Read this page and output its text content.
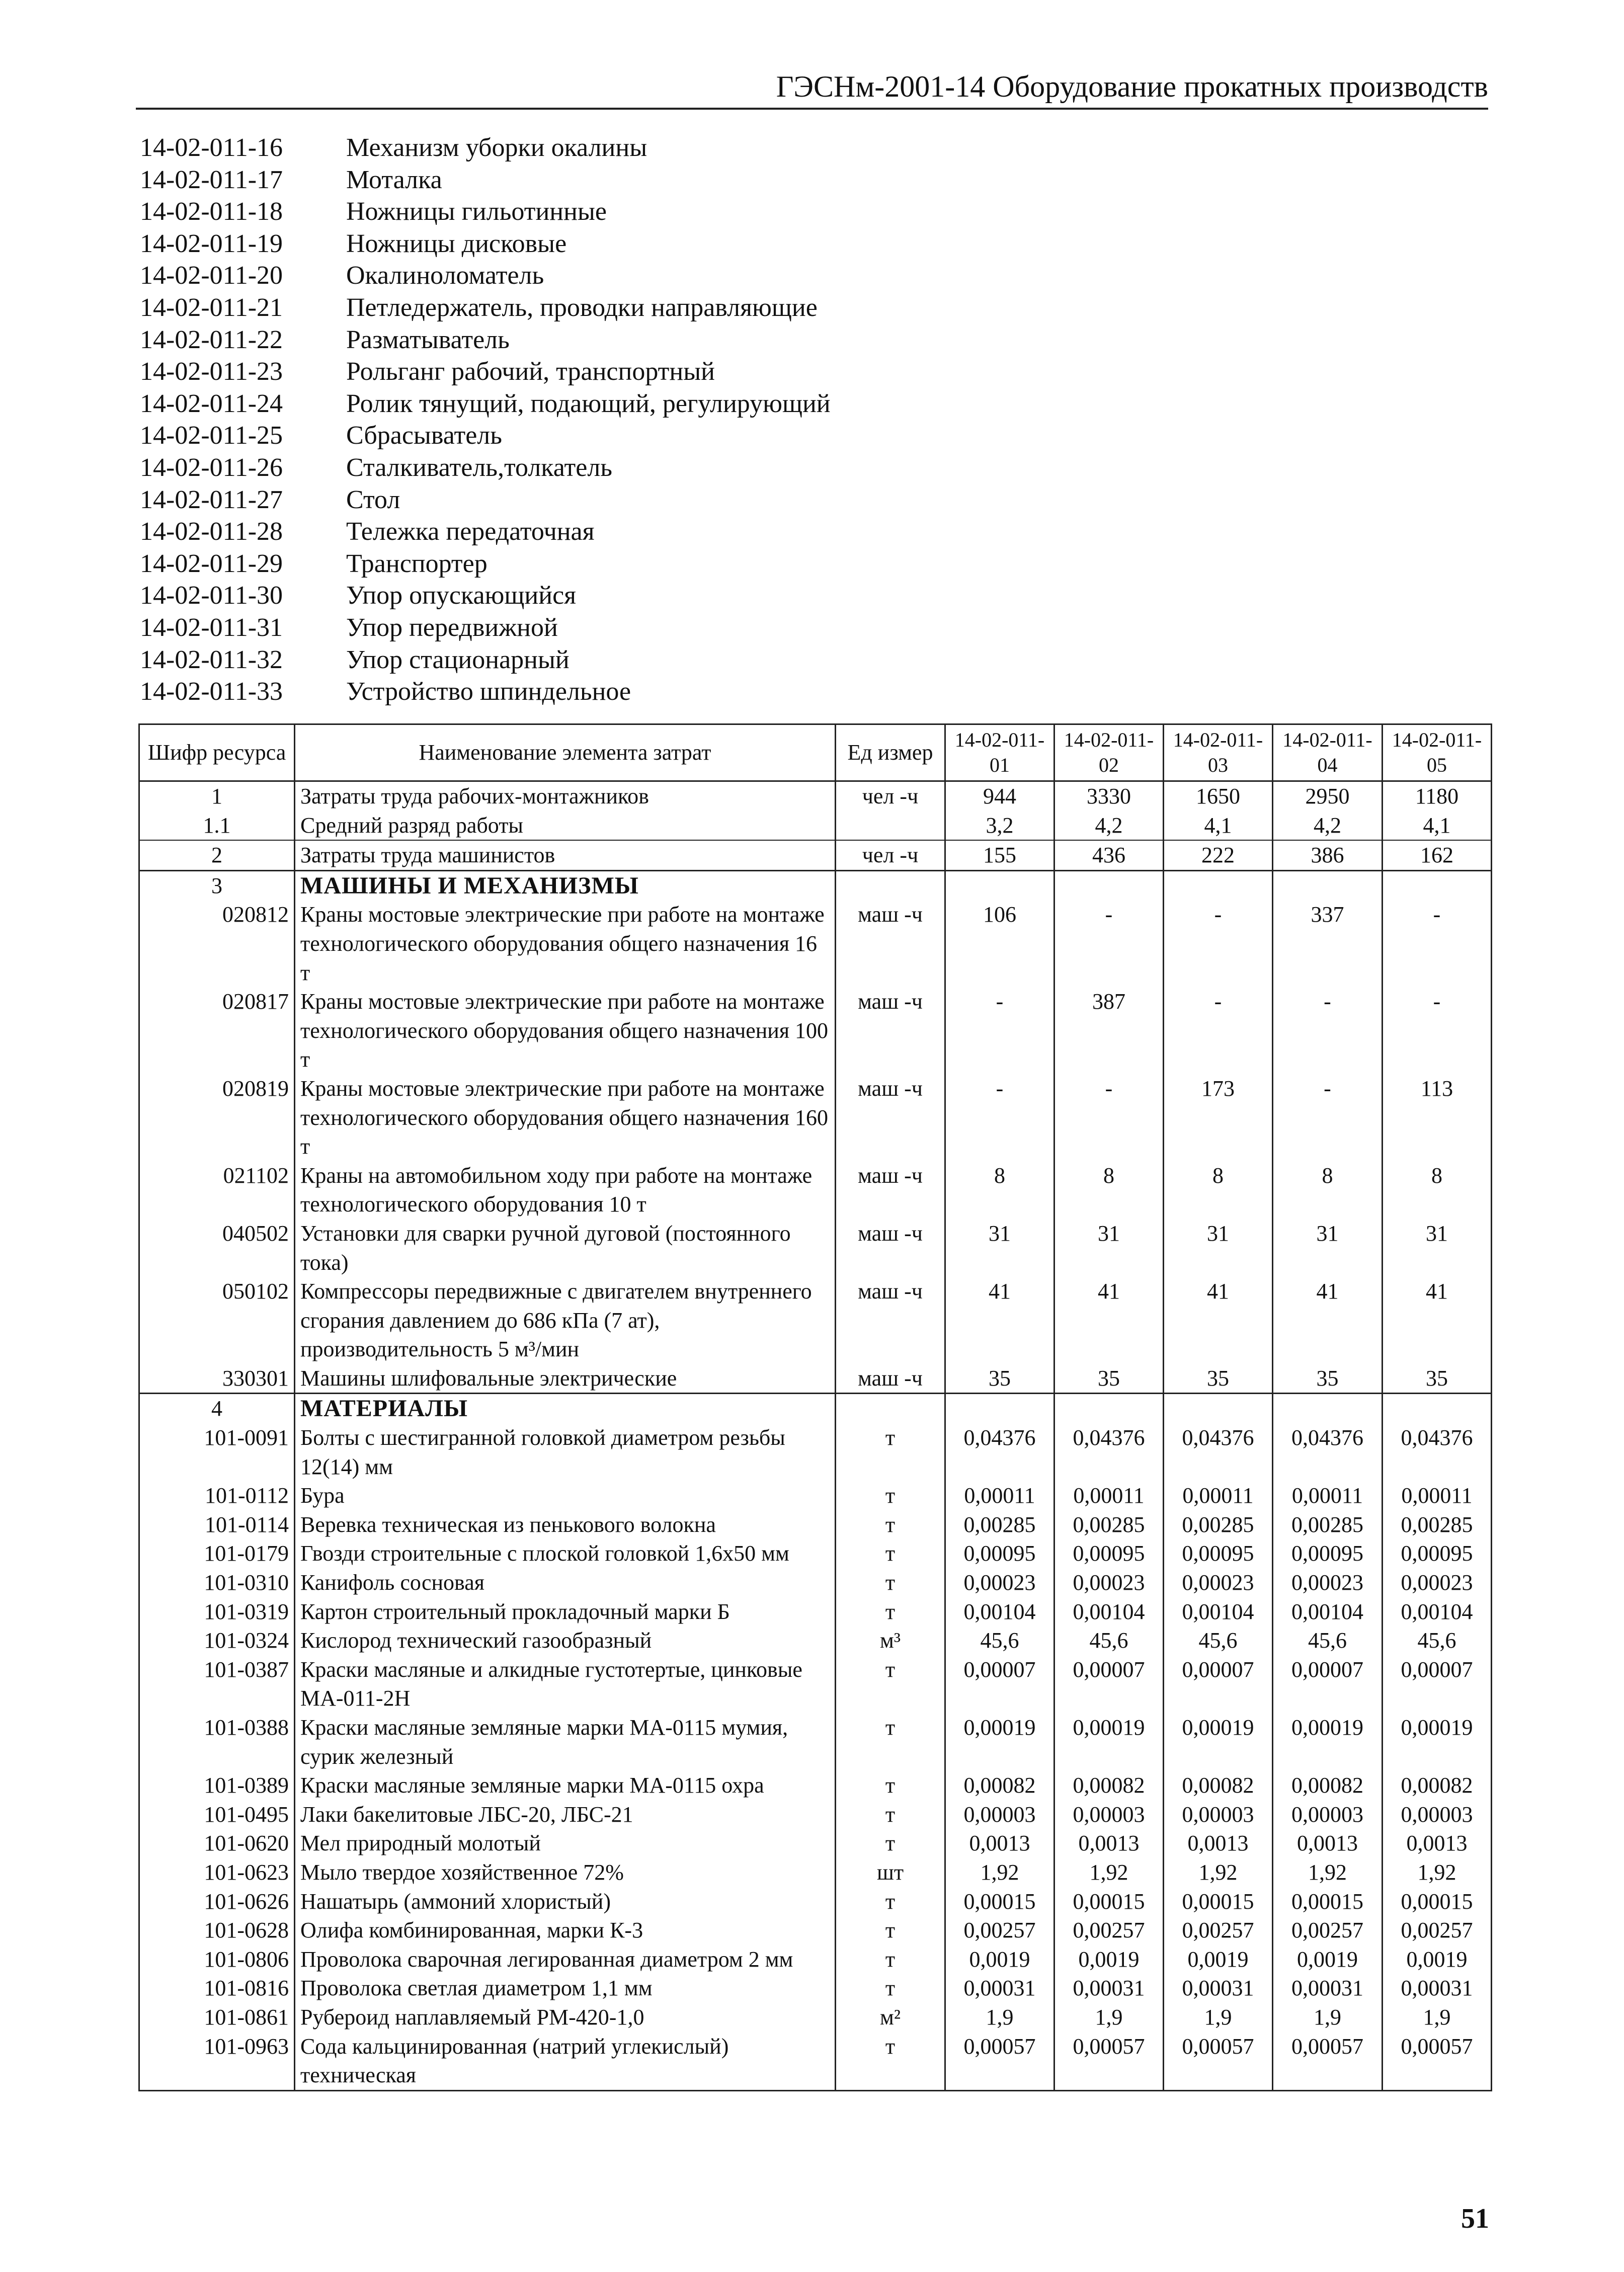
ГЭСНм-2001-14 Оборудование прокатных производств
14-02-011-16	Механизм уборки окалины
14-02-011-17	Моталка
14-02-011-18	Ножницы гильотинные
14-02-011-19	Ножницы дисковые
14-02-011-20	Окалиноломатель
14-02-011-21	Петледержатель, проводки направляющие
14-02-011-22	Разматыватель
14-02-011-23	Рольганг рабочий, транспортный
14-02-011-24	Ролик тянущий, подающий, регулирующий
14-02-011-25	Сбрасыватель
14-02-011-26	Сталкиватель,толкатель
14-02-011-27	Стол
14-02-011-28	Тележка передаточная
14-02-011-29	Транспортер
14-02-011-30	Упор опускающийся
14-02-011-31	Упор передвижной
14-02-011-32	Упор стационарный
14-02-011-33	Устройство шпиндельное
Шифр ресурса	Наименование элемента затрат	Ед измер	14-02-011-01	14-02-011-02	14-02-011-03	14-02-011-04	14-02-011-05
1	Затраты труда рабочих-монтажников	чел -ч	944	3330	1650	2950	1180
1.1	Средний разряд работы		3,2	4,2	4,1	4,2	4,1
2	Затраты труда машинистов	чел -ч	155	436	222	386	162
3	МАШИНЫ И МЕХАНИЗМЫ						
020812	Краны мостовые электрические при работе на монтаже технологического оборудования общего назначения 16 т	маш -ч	106	-	-	337	-
020817	Краны мостовые электрические при работе на монтаже технологического оборудования общего назначения 100 т	маш -ч	-	387	-	-	-
020819	Краны мостовые электрические при работе на монтаже технологического оборудования общего назначения 160 т	маш -ч	-	-	173	-	113
021102	Краны на автомобильном ходу при работе на монтаже технологического оборудования 10 т	маш -ч	8	8	8	8	8
040502	Установки для сварки ручной дуговой (постоянного тока)	маш -ч	31	31	31	31	31
050102	Компрессоры передвижные с двигателем внутреннего сгорания давлением до 686 кПа (7 ат), производительность 5 м³/мин	маш -ч	41	41	41	41	41
330301	Машины шлифовальные электрические	маш -ч	35	35	35	35	35
4	МАТЕРИАЛЫ						
101-0091	Болты с шестигранной головкой диаметром резьбы 12(14) мм	т	0,04376	0,04376	0,04376	0,04376	0,04376
101-0112	Бура	т	0,00011	0,00011	0,00011	0,00011	0,00011
101-0114	Веревка техническая из пенькового волокна	т	0,00285	0,00285	0,00285	0,00285	0,00285
101-0179	Гвозди строительные с плоской головкой 1,6x50 мм	т	0,00095	0,00095	0,00095	0,00095	0,00095
101-0310	Канифоль сосновая	т	0,00023	0,00023	0,00023	0,00023	0,00023
101-0319	Картон строительный прокладочный марки Б	т	0,00104	0,00104	0,00104	0,00104	0,00104
101-0324	Кислород технический газообразный	м³	45,6	45,6	45,6	45,6	45,6
101-0387	Краски масляные и алкидные густотертые, цинковые МА-011-2Н	т	0,00007	0,00007	0,00007	0,00007	0,00007
101-0388	Краски масляные земляные марки МА-0115 мумия, сурик железный	т	0,00019	0,00019	0,00019	0,00019	0,00019
101-0389	Краски масляные земляные марки МА-0115 охра	т	0,00082	0,00082	0,00082	0,00082	0,00082
101-0495	Лаки бакелитовые ЛБС-20, ЛБС-21	т	0,00003	0,00003	0,00003	0,00003	0,00003
101-0620	Мел природный молотый	т	0,0013	0,0013	0,0013	0,0013	0,0013
101-0623	Мыло твердое хозяйственное 72%	шт	1,92	1,92	1,92	1,92	1,92
101-0626	Нашатырь (аммоний хлористый)	т	0,00015	0,00015	0,00015	0,00015	0,00015
101-0628	Олифа комбинированная, марки К-3	т	0,00257	0,00257	0,00257	0,00257	0,00257
101-0806	Проволока сварочная легированная диаметром 2 мм	т	0,0019	0,0019	0,0019	0,0019	0,0019
101-0816	Проволока светлая диаметром 1,1 мм	т	0,00031	0,00031	0,00031	0,00031	0,00031
101-0861	Рубероид наплавляемый РМ-420-1,0	м²	1,9	1,9	1,9	1,9	1,9
101-0963	Сода кальцинированная (натрий углекислый) техническая	т	0,00057	0,00057	0,00057	0,00057	0,00057
51
